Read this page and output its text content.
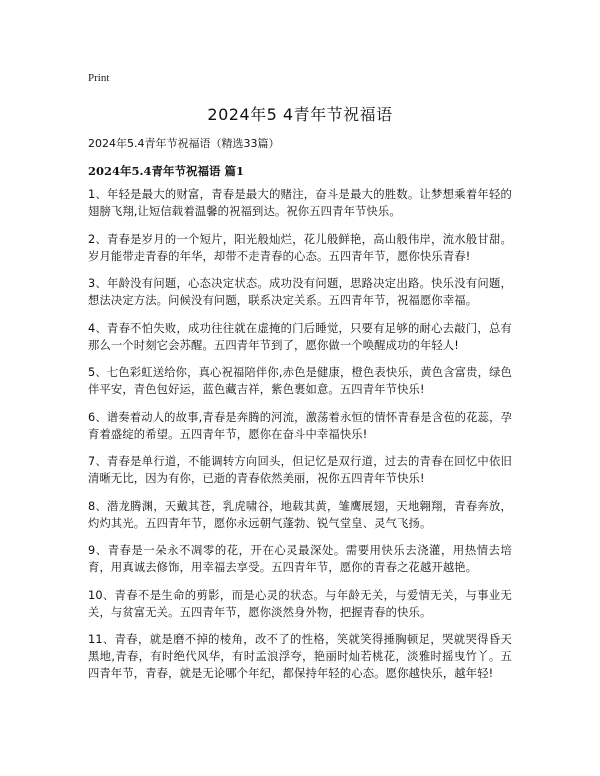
Print
2024年5 4青年节祝福语
2024年5.4青年节祝福语（精选33篇）
2024年5.4青年节祝福语 篇1

1、年轻是最大的财富，青春是最大的赌注，奋斗是最大的胜数。让梦想乘着年轻的翅膀飞翔,让短信载着温馨的祝福到达。祝你五四青年节快乐。

2、青春是岁月的一个短片，阳光般灿烂，花儿般鲜艳，高山般伟岸，流水般甘甜。岁月能带走青春的年华，却带不走青春的心态。五四青年节，愿你快乐青春!

3、年龄没有问题，心态决定状态。成功没有问题，思路决定出路。快乐没有问题，想法决定方法。问候没有问题，联系决定关系。五四青年节，祝福愿你幸福。

4、青春不怕失败，成功往往就在虚掩的门后睡觉，只要有足够的耐心去敲门，总有那么一个时刻它会苏醒。五四青年节到了，愿你做一个唤醒成功的年轻人!

5、七色彩虹送给你，真心祝福陪伴你,赤色是健康，橙色表快乐，黄色含富贵，绿色伴平安，青色包好运，蓝色藏吉祥，紫色裹如意。五四青年节快乐!

6、谱奏着动人的故事,青春是奔腾的河流，激荡着永恒的情怀青春是含苞的花蕊，孕育着盛绽的希望。五四青年节，愿你在奋斗中幸福快乐!

7、青春是单行道，不能调转方向回头，但记忆是双行道，过去的青春在回忆中依旧清晰无比，因为有你，已逝的青春依然美丽，祝你五四青年节快乐!

8、潜龙腾渊，天戴其苍，乳虎啸谷，地载其黄，雏鹰展翅，天地翱翔，青春奔放，灼灼其光。五四青年节，愿你永远朝气蓬勃、锐气堂皇、灵气飞扬。

9、青春是一朵永不凋零的花，开在心灵最深处。需要用快乐去浇灌，用热情去培育，用真诚去修饰，用幸福去享受。五四青年节，愿你的青春之花越开越艳。

10、青春不是生命的剪影，而是心灵的状态。与年龄无关，与爱情无关，与事业无关，与贫富无关。五四青年节，愿你淡然身外物，把握青春的快乐。

11、青春，就是磨不掉的棱角，改不了的性格，笑就笑得捶胸顿足，哭就哭得昏天黑地,青春，有时绝代风华，有时孟浪浮夸，艳丽时灿若桃花，淡雅时摇曳竹丫。五四青年节，青春，就是无论哪个年纪，都保持年轻的心态。愿你越快乐，越年轻!
